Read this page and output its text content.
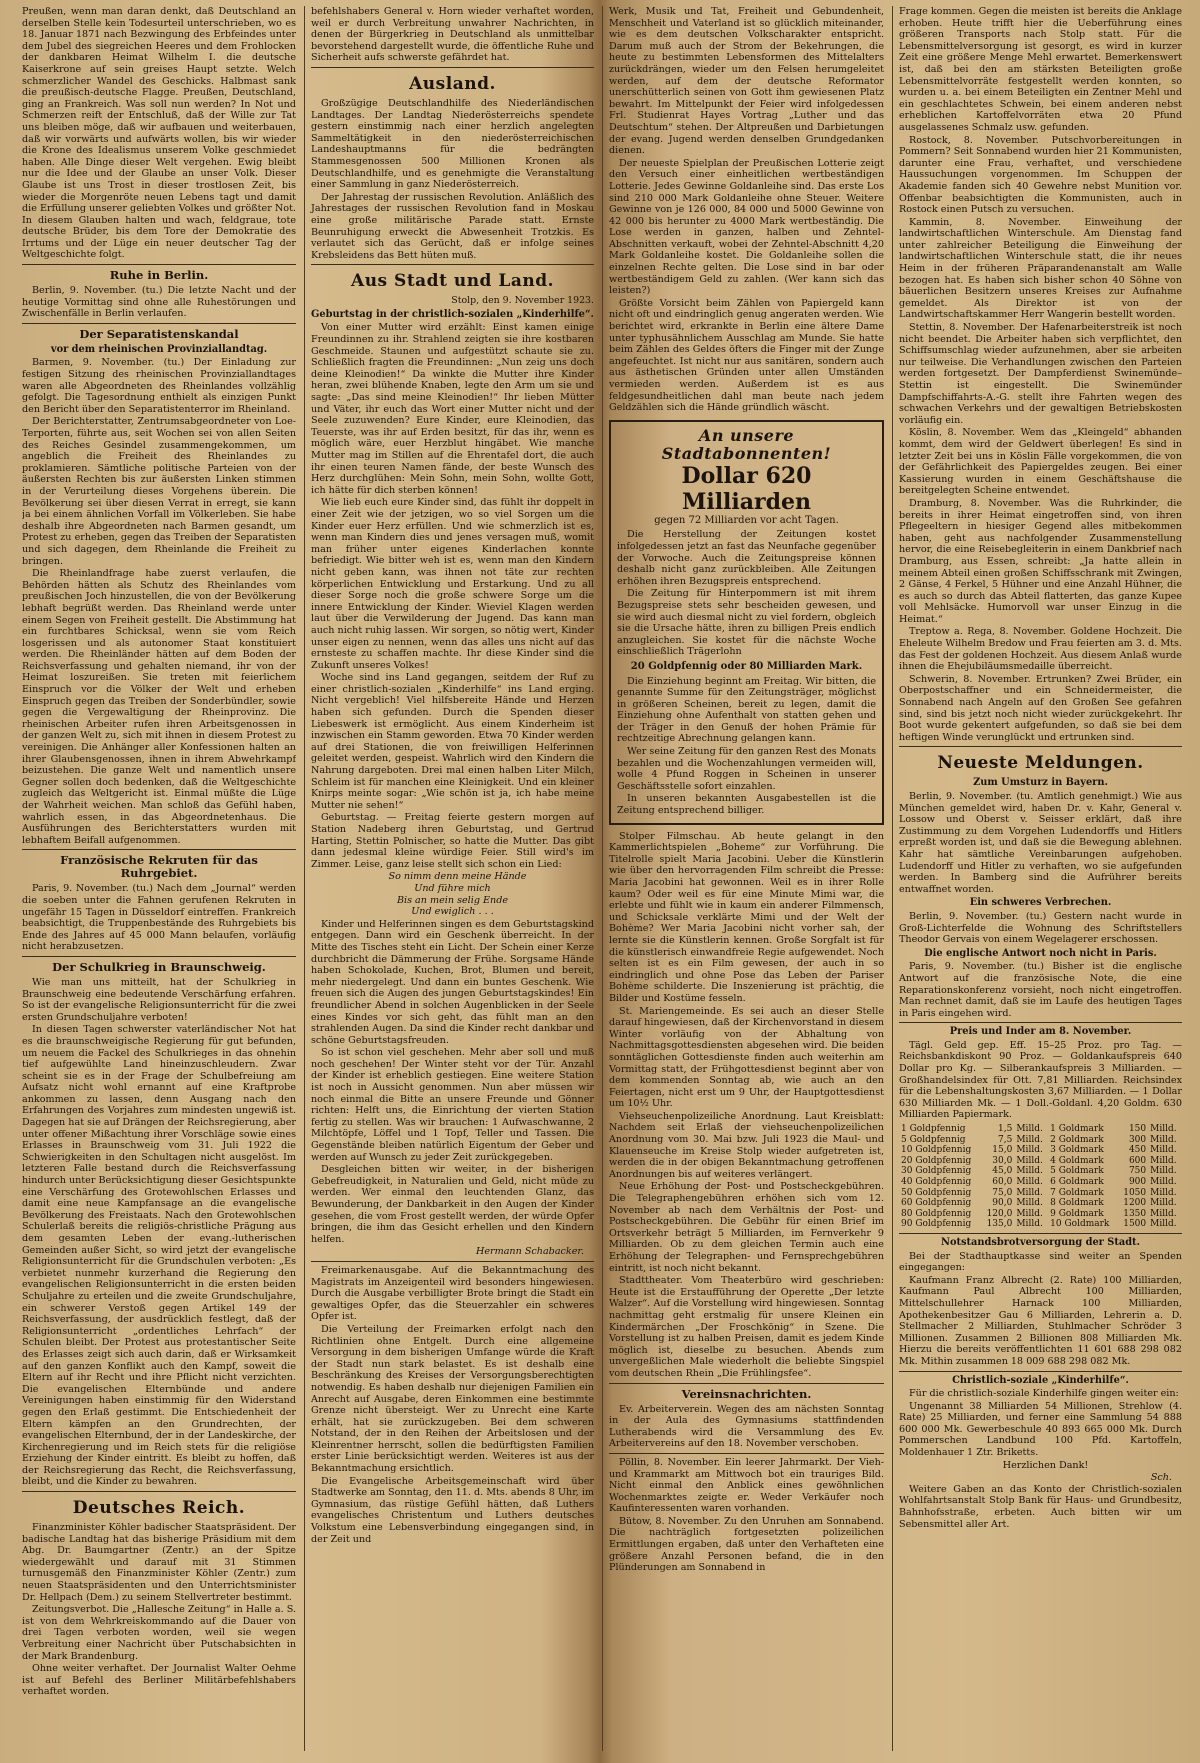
Preußen, wenn man daran denkt, daß Deutschland an derselben Stelle kein Todesurteil unterschrieben, wo es 18. Januar 1871 nach Bezwingung des Erbfeindes unter dem Jubel des siegreichen Heeres und dem Frohlocken der dankbaren Heimat Wilhelm I. die deutsche Kaiserkrone auf sein greises Haupt setzte. Welch schmerzlicher Wandel des Geschicks. Halbmast sank die preußisch-deutsche Flagge. Preußen, Deutschland, ging an Frankreich. Was soll nun werden? In Not und Schmerzen reift der Entschluß, daß der Wille zur Tat uns bleiben möge, daß wir aufbauen und weiterbauen, daß wir vorwärts und aufwärts wollen, bis wir wieder die Krone des Idealismus unserem Volke geschmiedet haben. Alle Dinge dieser Welt vergehen. Ewig bleibt nur die Idee und der Glaube an unser Volk. Dieser Glaube ist uns Trost in dieser trostlosen Zeit, bis wieder die Morgenröte neuen Lebens tagt und damit die Erfüllung unserer geliebten Volkes und größter Not. In diesem Glauben halten und wach, feldgraue, tote deutsche Brüder, bis dem Tore der Demokratie des Irrtums und der Lüge ein neuer deutscher Tag der Weltgeschichte folgt.

Ruhe in Berlin.

Berlin, 9. November. (tu.) Die letzte Nacht und der heutige Vormittag sind ohne alle Ruhestörungen und Zwischenfälle in Berlin verlaufen.

Der Separatistenskandal
vor dem rheinischen Provinziallandtag.

Barmen, 9. November. (tu.) Der Einladung zur festigen Sitzung des rheinischen Provinziallandtages waren alle Abgeordneten des Rheinlandes vollzählig gefolgt. Die Tagesordnung enthielt als einzigen Punkt den Bericht über den Separatistenterror im Rheinland.

Der Berichterstatter, Zentrumsabgeordneter von Loe-Terporten, führte aus, seit Wochen sei von allen Seiten des Reiches Gesindel zusammengekommen, um angeblich die Freiheit des Rheinlandes zu proklamieren. Sämtliche politische Parteien von der äußersten Rechten bis zur äußersten Linken stimmen in der Verurteilung dieses Vorgehens überein. Die Bevölkerung sei über diesen Verrat in erregt, sie kann ja bei einem ähnlichen Vorfall im Völkerleben. Sie habe deshalb ihre Abgeordneten nach Barmen gesandt, um Protest zu erheben, gegen das Treiben der Separatisten und sich dagegen, dem Rheinlande die Freiheit zu bringen.

Die Rheinlandfrage habe zuerst verlaufen, die Behörden hätten als Schutz des Rheinlandes vom preußischen Joch hinzustellen, die von der Bevölkerung lebhaft begrüßt werden. Das Rheinland werde unter einem Segen von Freiheit gestellt. Die Abstimmung hat ein furchtbares Schicksal, wenn sie vom Reich losgerissen und als autonomer Staat konstituiert werden. Die Rheinländer hätten auf dem Boden der Reichsverfassung und gehalten niemand, ihr von der Heimat loszureißen. Sie treten mit feierlichem Einspruch vor die Völker der Welt und erheben Einspruch gegen das Treiben der Sonderbündler, sowie gegen die Vergewaltigung der Rheinprovinz. Die rheinischen Arbeiter rufen ihren Arbeitsgenossen in der ganzen Welt zu, sich mit ihnen in diesem Protest zu vereinigen. Die Anhänger aller Konfessionen halten an ihrer Glaubensgenossen, ihnen in ihrem Abwehrkampf beizustehen. Die ganze Welt und namentlich unsere Gegner sollen doch bedenken, daß die Weltgeschichte zugleich das Weltgericht ist. Einmal müßte die Lüge der Wahrheit weichen. Man schloß das Gefühl haben, wahrlich essen, in das Abgeordnetenhaus. Die Ausführungen des Berichterstatters wurden mit lebhaftem Beifall aufgenommen.

Französische Rekruten für das Ruhrgebiet.

Paris, 9. November. (tu.) Nach dem „Journal“ werden die soeben unter die Fahnen gerufenen Rekruten in ungefähr 15 Tagen in Düsseldorf eintreffen. Frankreich beabsichtigt, die Truppenbestände des Ruhrgebiets bis Ende des Jahres auf 45 000 Mann belaufen, vorläufig nicht herabzusetzen.

Der Schulkrieg in Braunschweig.

Wie man uns mitteilt, hat der Schulkrieg in Braunschweig eine bedeutende Verschärfung erfahren. So ist der evangelische Religionsunterricht für die zwei ersten Grundschuljahre verboten!

In diesen Tagen schwerster vaterländischer Not hat es die braunschweigische Regierung für gut befunden, um neuem die Fackel des Schulkrieges in das ohnehin tief aufgewühlte Land hineinzuschleudern. Zwar scheint sie es in der Frage der Schulbefreiung am Aufsatz nicht wohl ernannt auf eine Kraftprobe ankommen zu lassen, denn Ausgang nach den Erfahrungen des Vorjahres zum mindesten ungewiß ist. Dagegen hat sie auf Drängen der Reichsregierung, aber unter offener Mißachtung ihrer Vorschläge sowie eines Erlasses in Braunschweig vom 31. Juli 1922 die Schwierigkeiten in den Schultagen nicht ausgelöst. Im letzteren Falle bestand durch die Reichsverfassung hindurch unter Berücksichtigung dieser Gesichtspunkte eine Verschärfung des Grotewohlschen Erlasses und damit eine neue Kampfansage an die evangelische Bevölkerung des Freistaats. Nach den Grotewohlschen Schulerlaß bereits die religiös-christliche Prägung aus dem gesamten Leben der evang.-lutherischen Gemeinden außer Sicht, so wird jetzt der evangelische Religionsunterricht für die Grundschulen verboten: „Es verbietet nunmehr kurzerhand die Regierung den evangelischen Religionsunterricht in die ersten beiden Schuljahre zu erteilen und die zweite Grundschuljahre, ein schwerer Verstoß gegen Artikel 149 der Reichsverfassung, der ausdrücklich festlegt, daß der Religionsunterricht „ordentliches Lehrfach“ der Schulen bleibt. Der Protest aus protestantischer Seite des Erlasses zeigt sich auch darin, daß er Wirksamkeit auf den ganzen Konflikt auch den Kampf, soweit die Eltern auf ihr Recht und ihre Pflicht nicht verzichten. Die evangelischen Elternbünde und andere Vereinigungen haben einstimmig für den Widerstand gegen den Erlaß gestimmt. Die Entschiedenheit der Eltern kämpfen an den Grundrechten, der evangelischen Elternbund, der in der Landeskirche, der Kirchenregierung und im Reich stets für die religiöse Erziehung der Kinder eintritt. Es bleibt zu hoffen, daß der Reichsregierung das Recht, die Reichsverfassung, bleibt, und die Kinder zu bewahren.

Deutsches Reich.

Finanzminister Köhler badischer Staatspräsident. Der badische Landtag hat das bisherige Präsidium mit dem Abg. Dr. Baumgartner (Zentr.) an der Spitze wiedergewählt und darauf mit 31 Stimmen turnusgemäß den Finanzminister Köhler (Zentr.) zum neuen Staatspräsidenten und den Unterrichtsminister Dr. Hellpach (Dem.) zu seinem Stellvertreter bestimmt.

Zeitungsverbot. Die „Hallesche Zeitung“ in Halle a. S. ist von dem Wehrkreiskommando auf die Dauer von drei Tagen verboten worden, weil sie wegen Verbreitung einer Nachricht über Putschabsichten in der Mark Brandenburg.

Ohne weiter verhaftet. Der Journalist Walter Oehme ist auf Befehl des Berliner Militärbefehlshabers verhaftet worden.

befehlshabers General v. Horn wieder verhaftet worden, weil er durch Verbreitung unwahrer Nachrichten, in denen der Bürgerkrieg in Deutschland als unmittelbar bevorstehend dargestellt wurde, die öffentliche Ruhe und Sicherheit aufs schwerste gefährdet hat.

Ausland.

Großzügige Deutschlandhilfe des Niederländischen Landtages. Der Landtag Niederösterreichs spendete gestern einstimmig nach einer herzlich angelegten Sammeltätigkeit in den niederösterreichischen Landeshauptmanns für die bedrängten Stammesgenossen 500 Millionen Kronen als Deutschlandhilfe, und es genehmigte die Veranstaltung einer Sammlung in ganz Niederösterreich.

Der Jahrestag der russischen Revolution. Anläßlich des Jahrestages der russischen Revolution fand in Moskau eine große militärische Parade statt. Ernste Beunruhigung erweckt die Abwesenheit Trotzkis. Es verlautet sich das Gerücht, daß er infolge seines Krebsleidens das Bett hüten muß.

Aus Stadt und Land.
Stolp, den 9. November 1923.
Geburtstag in der christlich-sozialen „Kinderhilfe“.

Von einer Mutter wird erzählt: Einst kamen einige Freundinnen zu ihr. Strahlend zeigten sie ihre kostbaren Geschmeide. Staunen und aufgestützt schaute sie zu. Schließlich fragten die Freundinnen: „Nun zeig uns doch deine Kleinodien!“ Da winkte die Mutter ihre Kinder heran, zwei blühende Knaben, legte den Arm um sie und sagte: „Das sind meine Kleinodien!“ Ihr lieben Mütter und Väter, ihr euch das Wort einer Mutter nicht und der Seele zuzuwenden? Eure Kinder, eure Kleinodien, das Teuerste, was ihr auf Erden besitzt, für das ihr, wenn es möglich wäre, euer Herzblut hingäbet. Wie manche Mutter mag im Stillen auf die Ehrentafel dort, die auch ihr einen teuren Namen fände, der beste Wunsch des Herz durchglühen: Mein Sohn, mein Sohn, wollte Gott, ich hätte für dich sterben können!

Wie lieb euch eure Kinder sind, das fühlt ihr doppelt in einer Zeit wie der jetzigen, wo so viel Sorgen um die Kinder euer Herz erfüllen. Und wie schmerzlich ist es, wenn man Kindern dies und jenes versagen muß, womit man früher unter eigenes Kinderlachen konnte befriedigt. Wie bitter weh ist es, wenn man den Kindern nicht geben kann, was ihnen not täte zur rechten körperlichen Entwicklung und Erstarkung. Und zu all dieser Sorge noch die große schwere Sorge um die innere Entwicklung der Kinder. Wieviel Klagen werden laut über die Verwilderung der Jugend. Das kann man auch nicht ruhig lassen. Wir sorgen, so nötig wert, Kinder unser eigen zu nennen, wenn das alles uns nicht auf das ernsteste zu schaffen machte. Ihr diese Kinder sind die Zukunft unseres Volkes!

Woche sind ins Land gegangen, seitdem der Ruf zu einer christlich-sozialen „Kinderhilfe“ ins Land erging. Nicht vergeblich! Viel hilfsbereite Hände und Herzen haben sich gefunden. Durch die Spenden dieser Liebeswerk ist ermöglicht. Aus einem Kinderheim ist inzwischen ein Stamm geworden. Etwa 70 Kinder werden auf drei Stationen, die von freiwilligen Helferinnen geleitet werden, gespeist. Wahrlich wird den Kindern die Nahrung dargeboten. Drei mal einen halben Liter Milch, Schleim ist für manchen eine Kleinigkeit. Und ein kleiner Knirps meinte sogar: „Wie schön ist ja, ich habe meine Mutter nie sehen!“

Geburtstag. — Freitag feierte gestern morgen auf Station Nadeberg ihren Geburtstag, und Gertrud Harting, Stettin Polnischer, so hatte die Mutter. Das gibt dann jedesmal kleine würdige Feier. Still wird's im Zimmer. Leise, ganz leise stellt sich schon ein Lied:

So nimm denn meine Hände
Und führe mich
Bis an mein selig Ende
Und ewiglich . . .

Kinder und Helferinnen singen es dem Geburtstagskind entgegen. Dann wird ein Geschenk überreicht. In der Mitte des Tisches steht ein Licht. Der Schein einer Kerze durchbricht die Dämmerung der Frühe. Sorgsame Hände haben Schokolade, Kuchen, Brot, Blumen und bereit, mehr niedergelegt. Und dann ein buntes Geschenk. Wie freuen sich die Augen des jungen Geburtstagskindes! Ein freundlicher Abend in solchen Augenblicken in der Seele eines Kindes vor sich geht, das fühlt man an den strahlenden Augen. Da sind die Kinder recht dankbar und schöne Geburtstagsfreuden.

So ist schon viel geschehen. Mehr aber soll und muß noch geschehen! Der Winter steht vor der Tür. Anzahl der Kinder ist erheblich gestiegen. Eine weitere Station ist noch in Aussicht genommen. Nun aber müssen wir noch einmal die Bitte an unsere Freunde und Gönner richten: Helft uns, die Einrichtung der vierten Station fertig zu stellen. Was wir brauchen: 1 Aufwaschwanne, 2 Milchtöpfe, Löffel und 1 Topf, Teller und Tassen. Die Gegenstände bleiben natürlich Eigentum der Geber und werden auf Wunsch zu jeder Zeit zurückgegeben.

Desgleichen bitten wir weiter, in der bisherigen Gebefreudigkeit, in Naturalien und Geld, nicht müde zu werden. Wer einmal den leuchtenden Glanz, das Bewunderung, der Dankbarkeit in den Augen der Kinder gesehen, die vom Frost gestellt werden, der würde Opfer bringen, die ihm das Gesicht erhellen und den Kindern helfen.

Hermann Schabacker.

Freimarkenausgabe. Auf die Bekanntmachung des Magistrats im Anzeigenteil wird besonders hingewiesen. Durch die Ausgabe verbilligter Brote bringt die Stadt ein gewaltiges Opfer, das die Steuerzahler ein schweres Opfer ist.

Die Verteilung der Freimarken erfolgt nach den Richtlinien ohne Entgelt. Durch eine allgemeine Versorgung in dem bisherigen Umfange würde die Kraft der Stadt nun stark belastet. Es ist deshalb eine Beschränkung des Kreises der Versorgungsberechtigten notwendig. Es haben deshalb nur diejenigen Familien ein Anrecht auf Ausgabe, deren Einkommen eine bestimmte Grenze nicht übersteigt. Wer zu Unrecht eine Karte erhält, hat sie zurückzugeben. Bei dem schweren Notstand, der in den Reihen der Arbeitslosen und der Kleinrentner herrscht, sollen die bedürftigsten Familien erster Linie berücksichtigt werden. Weiteres ist aus der Bekanntmachung ersichtlich.

Die Evangelische Arbeitsgemeinschaft wird über Stadtwerke am Sonntag, den 11. d. Mts. abends 8 Uhr, im Gymnasium, das rüstige Gefühl hätten, daß Luthers evangelisches Christentum und Luthers deutsches Volkstum eine Lebensverbindung eingegangen sind, in der Zeit und

Werk, Musik und Tat, Freiheit und Gebundenheit, Menschheit und Vaterland ist so glücklich miteinander, wie es dem deutschen Volkscharakter entspricht. Darum muß auch der Strom der Bekehrungen, die heute zu bestimmten Lebensformen des Mittelalters zurückdrängen, wieder um den Felsen herumgeleitet werden, auf dem der deutsche Reformator unerschütterlich seinen von Gott ihm gewiesenen Platz bewahrt. Im Mittelpunkt der Feier wird infolgedessen Frl. Studienrat Hayes Vortrag „Luther und das Deutschtum“ stehen. Der Altpreußen und Darbietungen der evang. Jugend werden denselben Grundgedanken dienen.

Der neueste Spielplan der Preußischen Lotterie zeigt den Versuch einer einheitlichen wertbeständigen Lotterie. Jedes Gewinne Goldanleihe sind. Das erste Los sind 210 000 Mark Goldanleihe ohne Steuer. Weitere Gewinne von je 126 000, 84 000 und 5000 Gewinne von 42 000 bis herunter zu 4000 Mark wertbeständig. Die Lose werden in ganzen, halben und Zehntel-Abschnitten verkauft, wobei der Zehntel-Abschnitt 4,20 Mark Goldanleihe kostet. Die Goldanleihe sollen die einzelnen Rechte gelten. Die Lose sind in bar oder wertbeständigem Geld zu zahlen. (Wer kann sich das leisten?)

Größte Vorsicht beim Zählen von Papiergeld kann nicht oft und eindringlich genug angeraten werden. Wie berichtet wird, erkrankte in Berlin eine ältere Dame unter typhusähnlichem Ausschlag am Munde. Sie hatte beim Zählen des Geldes öfters die Finger mit der Zunge angefeuchtet. Ist nicht nur aus sanitären, sondern auch aus ästhetischen Gründen unter allen Umständen vermieden werden. Außerdem ist es aus feldgesundheitlichen dahl man beute nach jedem Geldzählen sich die Hände gründlich wäscht.

An unsere Stadtabonnenten!
Dollar 620 Milliarden
gegen 72 Milliarden vor acht Tagen.

Die Herstellung der Zeitungen kostet infolgedessen jetzt an fast das Neunfache gegenüber der Vorwoche. Auch die Zeitungspreise können deshalb nicht ganz zurückbleiben. Alle Zeitungen erhöhen ihren Bezugspreis entsprechend.

Die Zeitung für Hinterpommern ist mit ihrem Bezugspreise stets sehr bescheiden gewesen, und sie wird auch diesmal nicht zu viel fordern, obgleich sie die Ursache hätte, ihren zu billigen Preis endlich anzugleichen. Sie kostet für die nächste Woche einschließlich Trägerlohn

20 Goldpfennig oder 80 Milliarden Mark.

Die Einziehung beginnt am Freitag. Wir bitten, die genannte Summe für den Zeitungsträger, möglichst in größeren Scheinen, bereit zu legen, damit die Einziehung ohne Aufenthalt von statten gehen und der Träger in den Genuß der hohen Prämie für rechtzeitige Abrechnung gelangen kann.

Wer seine Zeitung für den ganzen Rest des Monats bezahlen und die Wochenzahlungen vermeiden will, wolle 4 Pfund Roggen in Scheinen in unserer Geschäftsstelle sofort einzahlen.

In unseren bekannten Ausgabestellen ist die Zeitung entsprechend billiger.

Stolper Filmschau. Ab heute gelangt in den Kammerlichtspielen „Boheme“ zur Vorführung. Die Titelrolle spielt Maria Jacobini. Ueber die Künstlerin wie über den hervorragenden Film schreibt die Presse: Maria Jacobini hat gewonnen. Weil es in ihrer Rolle kaum? Oder weil es für eine Minute Mimi war, die erlebte und fühlt wie in kaum ein anderer Filmmensch, und Schicksale verklärte Mimi und der Welt der Bohème? Wer Maria Jacobini nicht vorher sah, der lernte sie die Künstlerin kennen. Große Sorgfalt ist für die künstlerisch einwandfreie Regie aufgewendet. Noch selten ist es ein Film gewesen, der auch in so eindringlich und ohne Pose das Leben der Pariser Bohème schilderte. Die Inszenierung ist prächtig, die Bilder und Kostüme fesseln.

St. Mariengemeinde. Es sei auch an dieser Stelle darauf hingewiesen, daß der Kirchenvorstand in diesem Winter vorläufig von der Abhaltung von Nachmittagsgottesdiensten abgesehen wird. Die beiden sonntäglichen Gottesdienste finden auch weiterhin am Vormittag statt, der Frühgottesdienst beginnt aber von dem kommenden Sonntag ab, wie auch an den Feiertagen, nicht erst um 9 Uhr, der Hauptgottesdienst um 10½ Uhr.

Viehseuchenpolizeiliche Anordnung. Laut Kreisblatt: Nachdem seit Erlaß der viehseuchenpolizeilichen Anordnung vom 30. Mai bzw. Juli 1923 die Maul- und Klauenseuche im Kreise Stolp wieder aufgetreten ist, werden die in der obigen Bekanntmachung getroffenen Anordnungen bis auf weiteres verlängert.

Neue Erhöhung der Post- und Postscheckgebühren. Die Telegraphengebühren erhöhen sich vom 12. November ab nach dem Verhältnis der Post- und Postscheckgebühren. Die Gebühr für einen Brief im Ortsverkehr beträgt 5 Milliarden, im Fernverkehr 9 Milliarden. Ob zu dem gleichen Termin auch eine Erhöhung der Telegraphen- und Fernsprechgebühren eintritt, ist noch nicht bekannt.

Stadttheater. Vom Theaterbüro wird geschrieben: Heute ist die Erstaufführung der Operette „Der letzte Walzer“. Auf die Vorstellung wird hingewiesen. Sonntag nachmittag geht erstmalig für unsere Kleinen ein Kindermärchen „Der Froschkönig“ in Szene. Die Vorstellung ist zu halben Preisen, damit es jedem Kinde möglich ist, dieselbe zu besuchen. Abends zum unvergeßlichen Male wiederholt die beliebte Singspiel vom deutschen Rhein „Die Frühlingsfee“.

Vereinsnachrichten.

Ev. Arbeiterverein. Wegen des am nächsten Sonntag in der Aula des Gymnasiums stattfindenden Lutherabends wird die Versammlung des Ev. Arbeitervereins auf den 18. November verschoben.

Pöllin, 8. November. Ein leerer Jahrmarkt. Der Vieh- und Krammarkt am Mittwoch bot ein trauriges Bild. Nicht einmal den Anblick eines gewöhnlichen Wochenmarktes zeigte er. Weder Verkäufer noch Kaufinteressenten waren vorhanden.

Bütow, 8. November. Zu den Unruhen am Sonnabend. Die nachträglich fortgesetzten polizeilichen Ermittlungen ergaben, daß unter den Verhafteten eine größere Anzahl Personen befand, die in den Plünderungen am Sonnabend in

Frage kommen. Gegen die meisten ist bereits die Anklage erhoben. Heute trifft hier die Ueberführung eines größeren Transports nach Stolp statt. Für die Lebensmittelversorgung ist gesorgt, es wird in kurzer Zeit eine größere Menge Mehl erwartet. Bemerkenswert ist, daß bei den am stärksten Beteiligten große Lebensmittelvorräte festgestellt werden konnten, so wurden u. a. bei einem Beteiligten ein Zentner Mehl und ein geschlachtetes Schwein, bei einem anderen nebst erheblichen Kartoffelvorräten etwa 20 Pfund ausgelassenes Schmalz usw. gefunden.

Rostock, 8. November. Putschvorbereitungen in Pommern? Seit Sonnabend wurden hier 21 Kommunisten, darunter eine Frau, verhaftet, und verschiedene Haussuchungen vorgenommen. Im Schuppen der Akademie fanden sich 40 Gewehre nebst Munition vor. Offenbar beabsichtigten die Kommunisten, auch in Rostock einen Putsch zu versuchen.

Kammin, 8. November. Einweihung der landwirtschaftlichen Winterschule. Am Dienstag fand unter zahlreicher Beteiligung die Einweihung der landwirtschaftlichen Winterschule statt, die ihr neues Heim in der früheren Präparandenanstalt am Walle bezogen hat. Es haben sich bisher schon 40 Söhne von bäuerlichen Besitzern unseres Kreises zur Aufnahme gemeldet. Als Direktor ist von der Landwirtschaftskammer Herr Wangerin bestellt worden.

Stettin, 8. November. Der Hafenarbeiterstreik ist noch nicht beendet. Die Arbeiter haben sich verpflichtet, den Schiffsumschlag wieder aufzunehmen, aber sie arbeiten nur teilweise. Die Verhandlungen zwischen den Parteien werden fortgesetzt. Der Dampferdienst Swinemünde–Stettin ist eingestellt. Die Swinemünder Dampfschiffahrts-A.-G. stellt ihre Fahrten wegen des schwachen Verkehrs und der gewaltigen Betriebskosten vorläufig ein.

Köslin, 8. November. Wem das „Kleingeld“ abhanden kommt, dem wird der Geldwert überlegen! Es sind in letzter Zeit bei uns in Köslin Fälle vorgekommen, die von der Gefährlichkeit des Papiergeldes zeugen. Bei einer Kassierung wurden in einem Geschäftshause die bereitgelegten Scheine entwendet.

Dramburg, 8. November. Was die Ruhrkinder, die bereits in ihrer Heimat eingetroffen sind, von ihren Pflegeeltern in hiesiger Gegend alles mitbekommen haben, geht aus nachfolgender Zusammenstellung hervor, die eine Reisebegleiterin in einem Dankbrief nach Dramburg, aus Essen, schreibt: „Ja hatte allein in meinem Abteil einen großen Schiffsschrank mit Zwingen, 2 Gänse, 4 Ferkel, 5 Hühner und eine Anzahl Hühner, die es auch so durch das Abteil flatterten, das ganze Kupee voll Mehlsäcke. Humorvoll war unser Einzug in die Heimat.“

Treptow a. Rega, 8. November. Goldene Hochzeit. Die Eheleute Wilhelm Bredow und Frau feierten am 3. d. Mts. das Fest der goldenen Hochzeit. Aus diesem Anlaß wurde ihnen die Ehejubiläumsmedaille überreicht.

Schwerin, 8. November. Ertrunken? Zwei Brüder, ein Oberpostschaffner und ein Schneidermeister, die Sonnabend nach Angeln auf den Großen See gefahren sind, sind bis jetzt noch nicht wieder zurückgekehrt. Ihr Boot wurde gekentert aufgefunden, so daß sie bei dem heftigen Winde verunglückt und ertrunken sind.

Neueste Meldungen.
Zum Umsturz in Bayern.

Berlin, 9. November. (tu. Amtlich genehmigt.) Wie aus München gemeldet wird, haben Dr. v. Kahr, General v. Lossow und Oberst v. Seisser erklärt, daß ihre Zustimmung zu dem Vorgehen Ludendorffs und Hitlers erpreßt worden ist, und daß sie die Bewegung ablehnen. Kahr hat sämtliche Vereinbarungen aufgehoben. Ludendorff und Hitler zu verhaften, wo sie aufgefunden werden. In Bamberg sind die Aufrührer bereits entwaffnet worden.

Ein schweres Verbrechen.

Berlin, 9. November. (tu.) Gestern nacht wurde in Groß-Lichterfelde die Wohnung des Schriftstellers Theodor Gervais von einem Wegelagerer erschossen.

Die englische Antwort noch nicht in Paris.

Paris, 9. November. (tu.) Bisher ist die englische Antwort auf die französische Note, die eine Reparationskonferenz vorsieht, noch nicht eingetroffen. Man rechnet damit, daß sie im Laufe des heutigen Tages in Paris eingehen wird.

Preis und Inder am 8. November.

Tägl. Geld gep. Eff. 15–25 Proz. pro Tag. — Reichsbankdiskont 90 Proz. — Goldankaufspreis 640 Dollar pro Kg. — Silberankaufspreis 3 Milliarden. — Großhandelsindex für Ott. 7,81 Milliarden. Reichsindex für die Lebenshaltungskosten 3,67 Milliarden. — 1 Dollar 630 Milliarden Mk. — 1 Doll.-Goldanl. 4,20 Goldm. 630 Milliarden Papiermark.

1 Goldpfennig	1,5	Milld.	1 Goldmark	150	Milld.
5 Goldpfennig	7,5	Milld.	2 Goldmark	300	Milld.
10 Goldpfennig	15,0	Milld.	3 Goldmark	450	Milld.
20 Goldpfennig	30,0	Milld.	4 Goldmark	600	Milld.
30 Goldpfennig	45,0	Milld.	5 Goldmark	750	Milld.
40 Goldpfennig	60,0	Milld.	6 Goldmark	900	Milld.
50 Goldpfennig	75,0	Milld.	7 Goldmark	1050	Milld.
60 Goldpfennig	90,0	Milld.	8 Goldmark	1200	Milld.
80 Goldpfennig	120,0	Milld.	9 Goldmark	1350	Milld.
90 Goldpfennig	135,0	Milld.	10 Goldmark	1500	Milld.
Notstandsbrotversorgung der Stadt.

Bei der Stadthauptkasse sind weiter an Spenden eingegangen:

Kaufmann Franz Albrecht (2. Rate) 100 Milliarden, Kaufmann Paul Albrecht 100 Milliarden, Mittelschullehrer Harnack 100 Milliarden, Apothekenbesitzer Gau 6 Milliarden, Lehrerin a. D. Stellmacher 2 Milliarden, Stuhlmacher Schröder 3 Millionen. Zusammen 2 Billionen 808 Milliarden Mk. Hierzu die bereits veröffentlichten 11 601 688 298 082 Mk. Mithin zusammen 18 009 688 298 082 Mk.

Christlich-soziale „Kinderhilfe“.

Für die christlich-soziale Kinderhilfe gingen weiter ein:

Ungenannt 38 Milliarden 54 Millionen, Strehlow (4. Rate) 25 Milliarden, und ferner eine Sammlung 54 888 600 000 Mk. Gewerbeschule 40 893 665 000 Mk. Durch Pommerschen Landbund 100 Pfd. Kartoffeln, Moldenhauer 1 Ztr. Briketts.

Herzlichen Dank!

Sch.

Weitere Gaben an das Konto der Christlich-sozialen Wohlfahrtsanstalt Stolp Bank für Haus- und Grundbesitz, Bahnhofsstraße, erbeten. Auch bitten wir um Sebensmittel aller Art.
